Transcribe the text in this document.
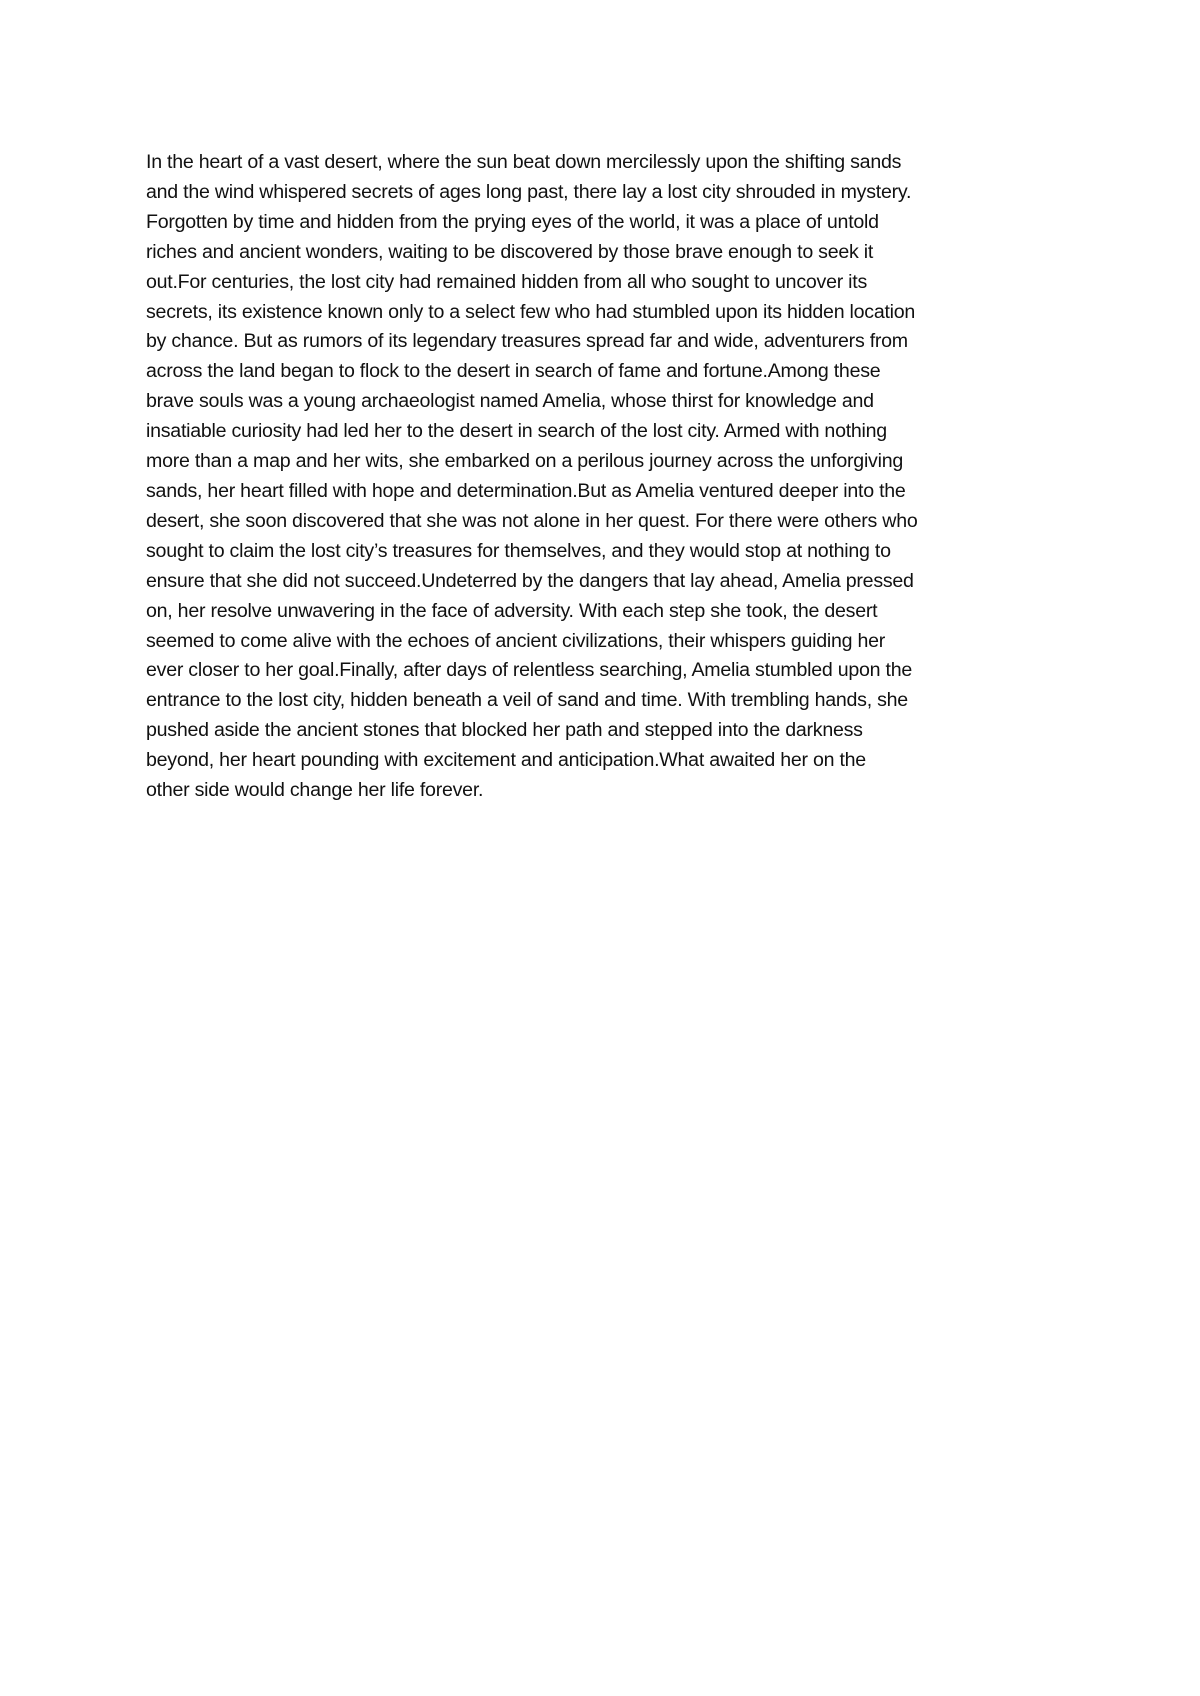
In the heart of a vast desert, where the sun beat down mercilessly upon the shifting sands
and the wind whispered secrets of ages long past, there lay a lost city shrouded in mystery.
Forgotten by time and hidden from the prying eyes of the world, it was a place of untold
riches and ancient wonders, waiting to be discovered by those brave enough to seek it
out.For centuries, the lost city had remained hidden from all who sought to uncover its
secrets, its existence known only to a select few who had stumbled upon its hidden location
by chance. But as rumors of its legendary treasures spread far and wide, adventurers from
across the land began to flock to the desert in search of fame and fortune.Among these
brave souls was a young archaeologist named Amelia, whose thirst for knowledge and
insatiable curiosity had led her to the desert in search of the lost city. Armed with nothing
more than a map and her wits, she embarked on a perilous journey across the unforgiving
sands, her heart filled with hope and determination.But as Amelia ventured deeper into the
desert, she soon discovered that she was not alone in her quest. For there were others who
sought to claim the lost city’s treasures for themselves, and they would stop at nothing to
ensure that she did not succeed.Undeterred by the dangers that lay ahead, Amelia pressed
on, her resolve unwavering in the face of adversity. With each step she took, the desert
seemed to come alive with the echoes of ancient civilizations, their whispers guiding her
ever closer to her goal.Finally, after days of relentless searching, Amelia stumbled upon the
entrance to the lost city, hidden beneath a veil of sand and time. With trembling hands, she
pushed aside the ancient stones that blocked her path and stepped into the darkness
beyond, her heart pounding with excitement and anticipation.What awaited her on the
other side would change her life forever.
